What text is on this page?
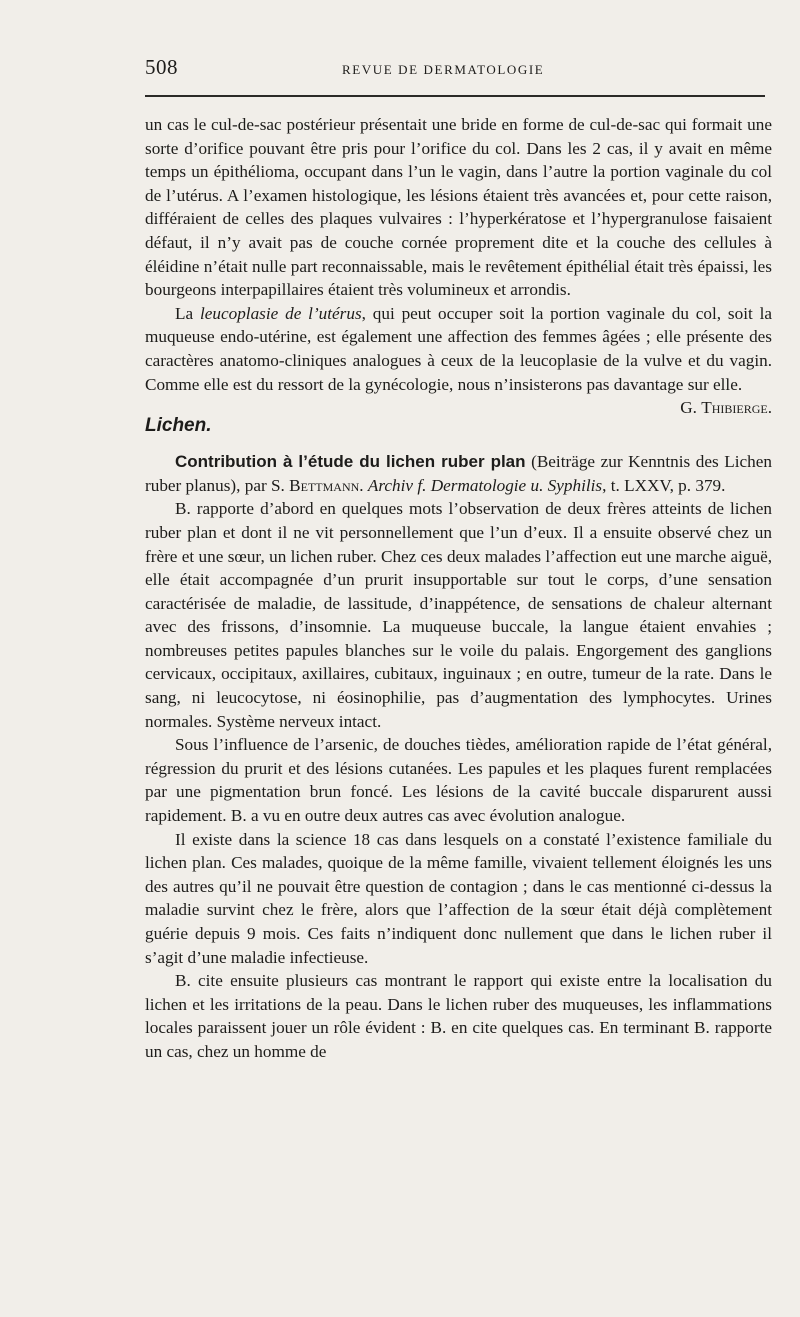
508	REVUE DE DERMATOLOGIE

un cas le cul-de-sac postérieur présentait une bride en forme de cul-de-sac qui formait une sorte d’orifice pouvant être pris pour l’orifice du col. Dans les 2 cas, il y avait en même temps un épithélioma, occupant dans l’un le vagin, dans l’autre la portion vaginale du col de l’utérus. A l’examen histologique, les lésions étaient très avancées et, pour cette raison, différaient de celles des plaques vulvaires : l’hyperkératose et l’hypergranulose faisaient défaut, il n’y avait pas de couche cornée proprement dite et la couche des cellules à éléidine n’était nulle part reconnaissable, mais le revêtement épithélial était très épaissi, les bourgeons interpapillaires étaient très volumineux et arrondis.

La leucoplasie de l’utérus, qui peut occuper soit la portion vaginale du col, soit la muqueuse endo-utérine, est également une affection des femmes âgées ; elle présente des caractères anatomo-cliniques analogues à ceux de la leucoplasie de la vulve et du vagin. Comme elle est du ressort de la gynécologie, nous n’insisterons pas davantage sur elle.
G. Thibierge.

Lichen.

Contribution à l’étude du lichen ruber plan (Beiträge zur Kenntnis des Lichen ruber planus), par S. Bettmann. Archiv f. Dermatologie u. Syphilis, t. LXXV, p. 379.

B. rapporte d’abord en quelques mots l’observation de deux frères atteints de lichen ruber plan et dont il ne vit personnellement que l’un d’eux. Il a ensuite observé chez un frère et une sœur, un lichen ruber. Chez ces deux malades l’affection eut une marche aiguë, elle était accompagnée d’un prurit insupportable sur tout le corps, d’une sensation caractérisée de maladie, de lassitude, d’inappétence, de sensations de chaleur alternant avec des frissons, d’insomnie. La muqueuse buccale, la langue étaient envahies ; nombreuses petites papules blanches sur le voile du palais. Engorgement des ganglions cervicaux, occipitaux, axillaires, cubitaux, inguinaux ; en outre, tumeur de la rate. Dans le sang, ni leucocytose, ni éosinophilie, pas d’augmentation des lymphocytes. Urines normales. Système nerveux intact.

Sous l’influence de l’arsenic, de douches tièdes, amélioration rapide de l’état général, régression du prurit et des lésions cutanées. Les papules et les plaques furent remplacées par une pigmentation brun foncé. Les lésions de la cavité buccale disparurent aussi rapidement. B. a vu en outre deux autres cas avec évolution analogue.

Il existe dans la science 18 cas dans lesquels on a constaté l’existence familiale du lichen plan. Ces malades, quoique de la même famille, vivaient tellement éloignés les uns des autres qu’il ne pouvait être question de contagion ; dans le cas mentionné ci-dessus la maladie survint chez le frère, alors que l’affection de la sœur était déjà complètement guérie depuis 9 mois. Ces faits n’indiquent donc nullement que dans le lichen ruber il s’agit d’une maladie infectieuse.

B. cite ensuite plusieurs cas montrant le rapport qui existe entre la localisation du lichen et les irritations de la peau. Dans le lichen ruber des muqueuses, les inflammations locales paraissent jouer un rôle évident : B. en cite quelques cas. En terminant B. rapporte un cas, chez un homme de
